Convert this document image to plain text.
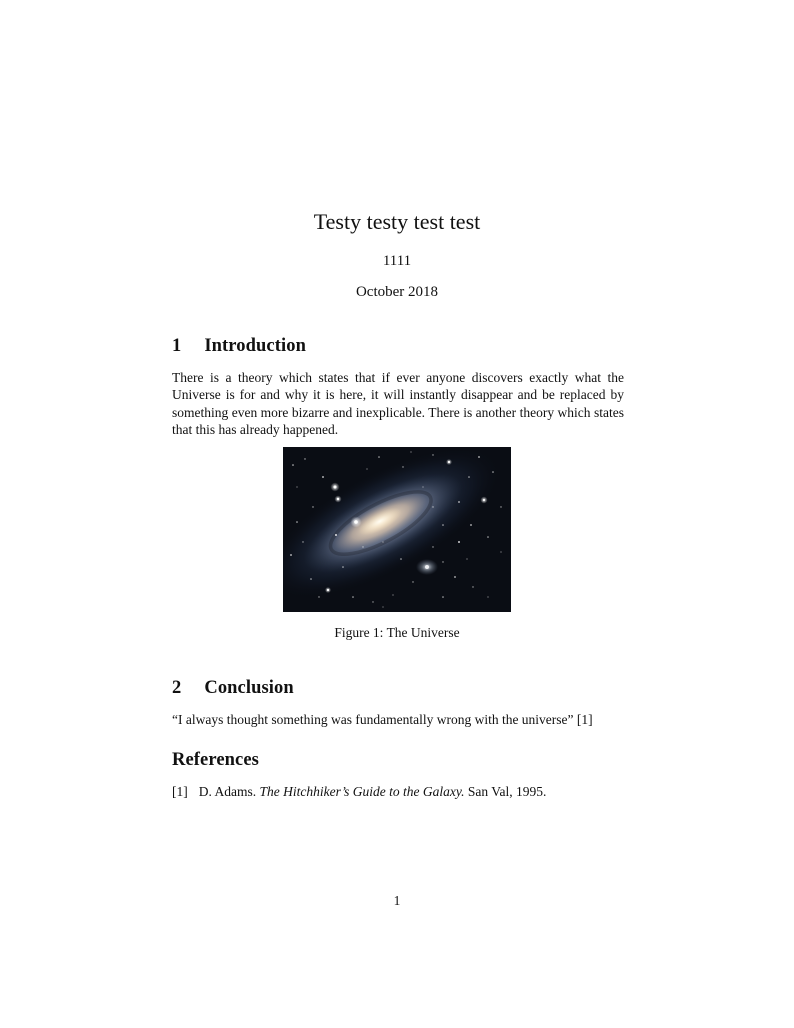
Testy testy test test
1111
October 2018
1 Introduction

There is a theory which states that if ever anyone discovers exactly what the Universe is for and why it is here, it will instantly disappear and be replaced by something even more bizarre and inexplicable. There is another theory which states that this has already happened.

Figure 1: The Universe
2 Conclusion

“I always thought something was fundamentally wrong with the universe” [1]

References
[1] D. Adams. The Hitchhiker’s Guide to the Galaxy. San Val, 1995.
1
